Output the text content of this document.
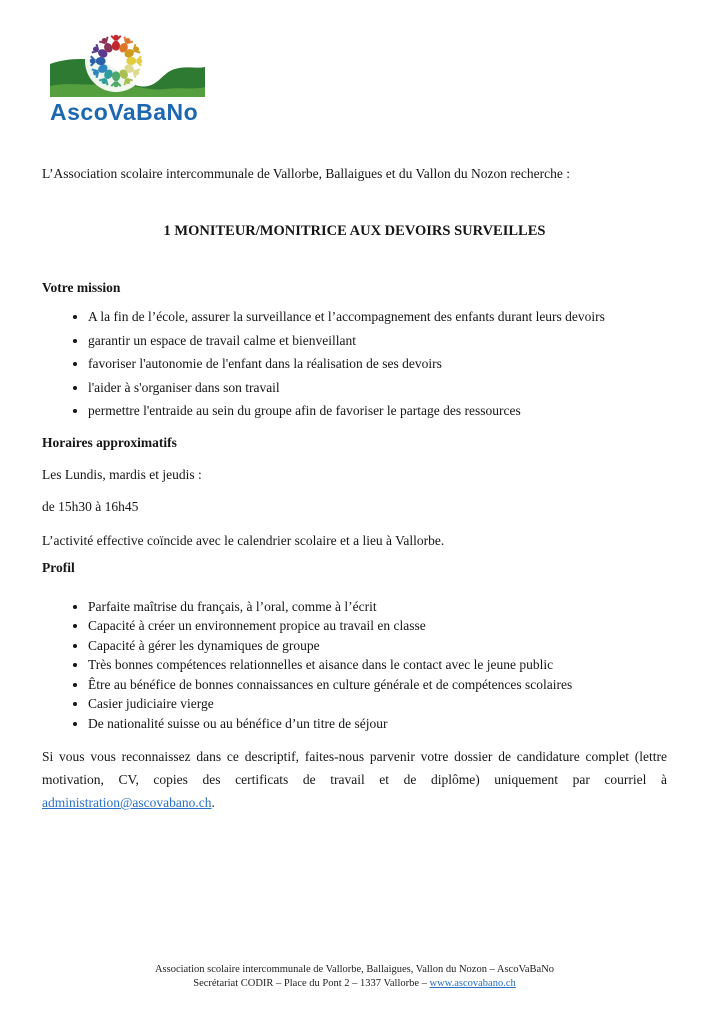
AscoVaBaNo

L’Association scolaire intercommunale de Vallorbe, Ballaigues et du Vallon du Nozon recherche :

1 MONITEUR/MONITRICE AUX DEVOIRS SURVEILLES
Votre mission
• A la fin de l’école, assurer la surveillance et l’accompagnement des enfants durant leurs devoirs
• garantir un espace de travail calme et bienveillant
• favoriser l'autonomie de l'enfant dans la réalisation de ses devoirs
• l'aider à s'organiser dans son travail
• permettre l'entraide au sein du groupe afin de favoriser le partage des ressources
Horaires approximatifs

Les Lundis, mardis et jeudis :

de 15h30 à 16h45

L’activité effective coïncide avec le calendrier scolaire et a lieu à Vallorbe.

Profil
• Parfaite maîtrise du français, à l’oral, comme à l’écrit
• Capacité à créer un environnement propice au travail en classe
• Capacité à gérer les dynamiques de groupe
• Très bonnes compétences relationnelles et aisance dans le contact avec le jeune public
• Être au bénéfice de bonnes connaissances en culture générale et de compétences scolaires
• Casier judiciaire vierge
• De nationalité suisse ou au bénéfice d’un titre de séjour

Si vous vous reconnaissez dans ce descriptif, faites-nous parvenir votre dossier de candidature complet (lettre motivation, CV, copies des certificats de travail et de diplôme) uniquement par courriel à administration@ascovabano.ch.

Association scolaire intercommunale de Vallorbe, Ballaigues, Vallon du Nozon – AscoVaBaNo
Secrétariat CODIR – Place du Pont 2 – 1337 Vallorbe – www.ascovabano.ch
